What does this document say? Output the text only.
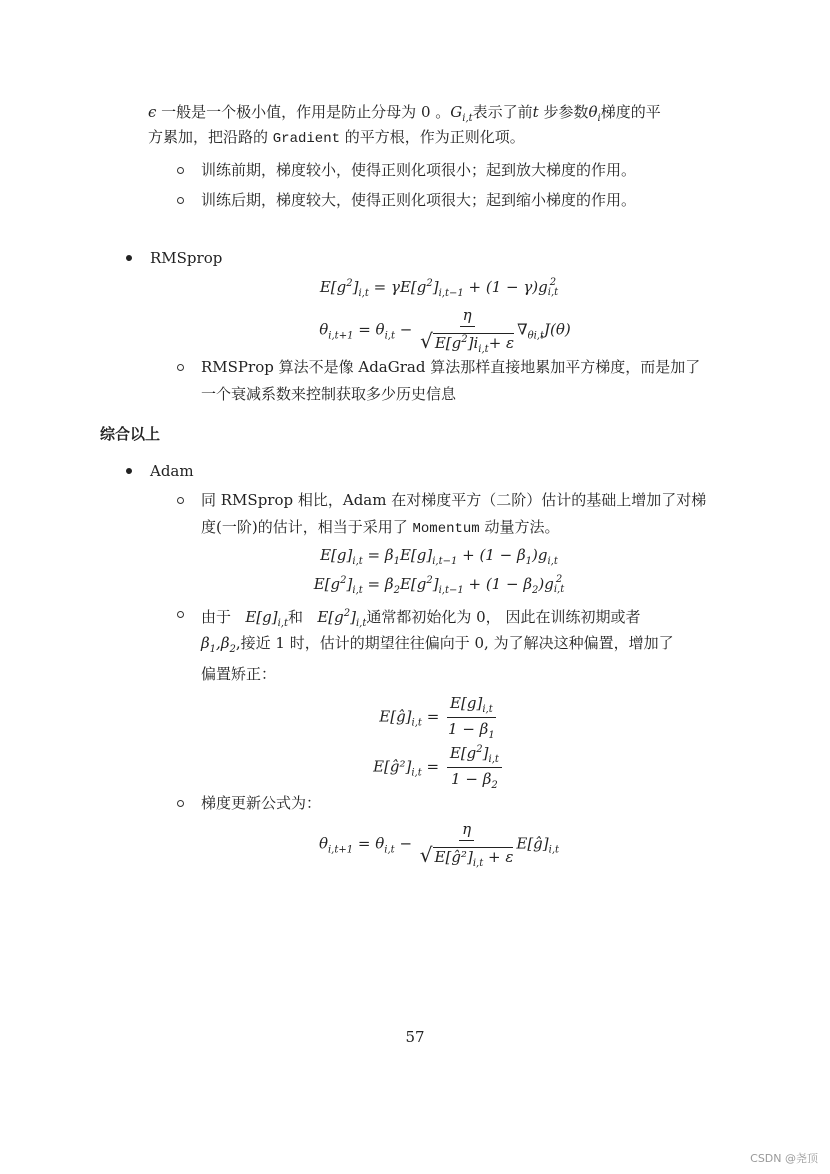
ϵ 一般是一个极小值，作用是防止分母为 0 。$G_{i,t}$表示了前t 步参数$\theta_i$梯度的平
方累加，把沿路的 Gradient 的平方根，作为正则化项。
训练前期，梯度较小，使得正则化项很小；起到放大梯度的作用。
训练后期，梯度较大，使得正则化项很大；起到缩小梯度的作用。
RMSprop
$E[g^2]_{i,t} = \gamma E[g^2]_{i,t-1} + (1 - \gamma)g$ 2
i,t
$\theta_{i,t+1} = \theta_{i,t} - \frac{\eta}{√ E[g^2]i_{i,t}+ \varepsilon} \nabla_{\theta i,t}J(\theta)$
RMSProp 算法不是像 AdaGrad 算法那样直接地累加平方梯度，而是加了
一个衰减系数来控制获取多少历史信息
综合以上
Adam
同 RMSprop 相比，Adam 在对梯度平方（二阶）估计的基础上增加了对梯
度(一阶)的估计，相当于采用了 Momentum 动量方法。
$E[g]_{i,t} = \beta_1E[g]_{i,t-1} + (1 - \beta_1)g_{i,t}$
$E[g^2]_{i,t} = \beta_2E[g^2]_{i,t-1} + (1 - \beta_2)g$ 2
i,t
由于 $E[g]_{i,t}$和 $E[g^2]_{i,t}$通常都初始化为 0， 因此在训练初期或者
$\beta_1,\beta_2$,接近 1 时，估计的期望往往偏向于 0, 为了解决这种偏置，增加了
偏置矫正：
$E[ĝ]_{i,t} = \frac{E[g]_{i,t}}{1 - \beta_1}$
$E[ĝ^2]_{i,t} = \frac{E[g^2]_{i,t}}{1 - \beta_2}$
梯度更新公式为：
$\theta_{i,t+1} = \theta_{i,t} - \frac{\eta}{√ E[ĝ^2]_{i,t} + \varepsilon}$ $E[ĝ]_{i,t}$
57
CSDN @尧顶
